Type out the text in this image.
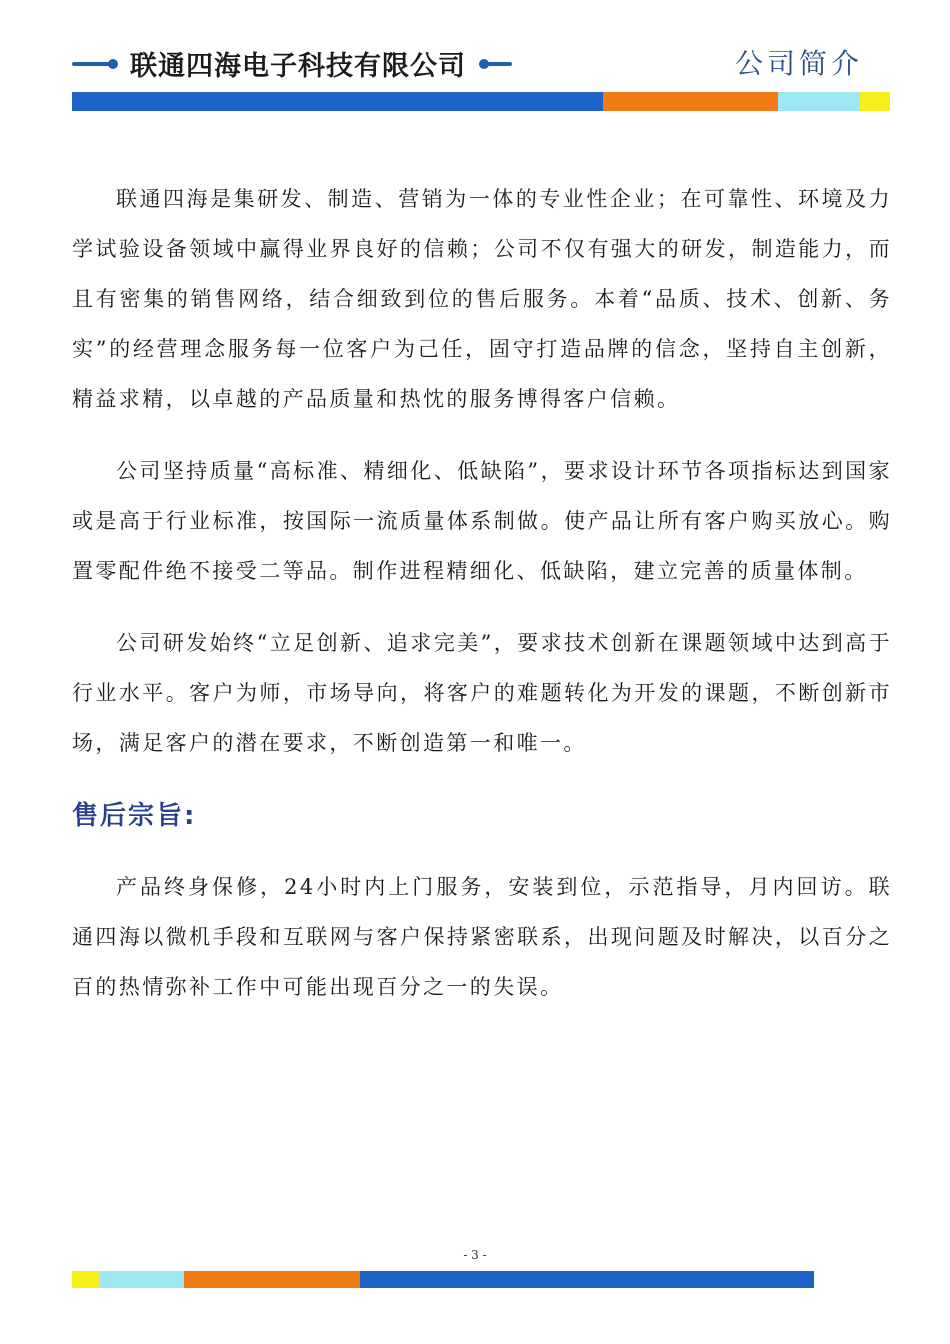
联通四海电子科技有限公司	公司简介

联通四海是集研发、制造、营销为一体的专业性企业；在可靠性、环境及力学试验设备领域中赢得业界良好的信赖；公司不仅有强大的研发，制造能力，而且有密集的销售网络，结合细致到位的售后服务。本着“品质、技术、创新、务实”的经营理念服务每一位客户为己任，固守打造品牌的信念，坚持自主创新，精益求精，以卓越的产品质量和热忱的服务博得客户信赖。

公司坚持质量“高标准、精细化、低缺陷”，要求设计环节各项指标达到国家或是高于行业标准，按国际一流质量体系制做。使产品让所有客户购买放心。购置零配件绝不接受二等品。制作进程精细化、低缺陷，建立完善的质量体制。

公司研发始终“立足创新、追求完美”，要求技术创新在课题领域中达到高于行业水平。客户为师，市场导向，将客户的难题转化为开发的课题，不断创新市场，满足客户的潜在要求，不断创造第一和唯一。

售后宗旨:

产品终身保修，24小时内上门服务，安装到位，示范指导，月内回访。联通四海以微机手段和互联网与客户保持紧密联系，出现问题及时解决，以百分之百的热情弥补工作中可能出现百分之一的失误。

- 3 -
